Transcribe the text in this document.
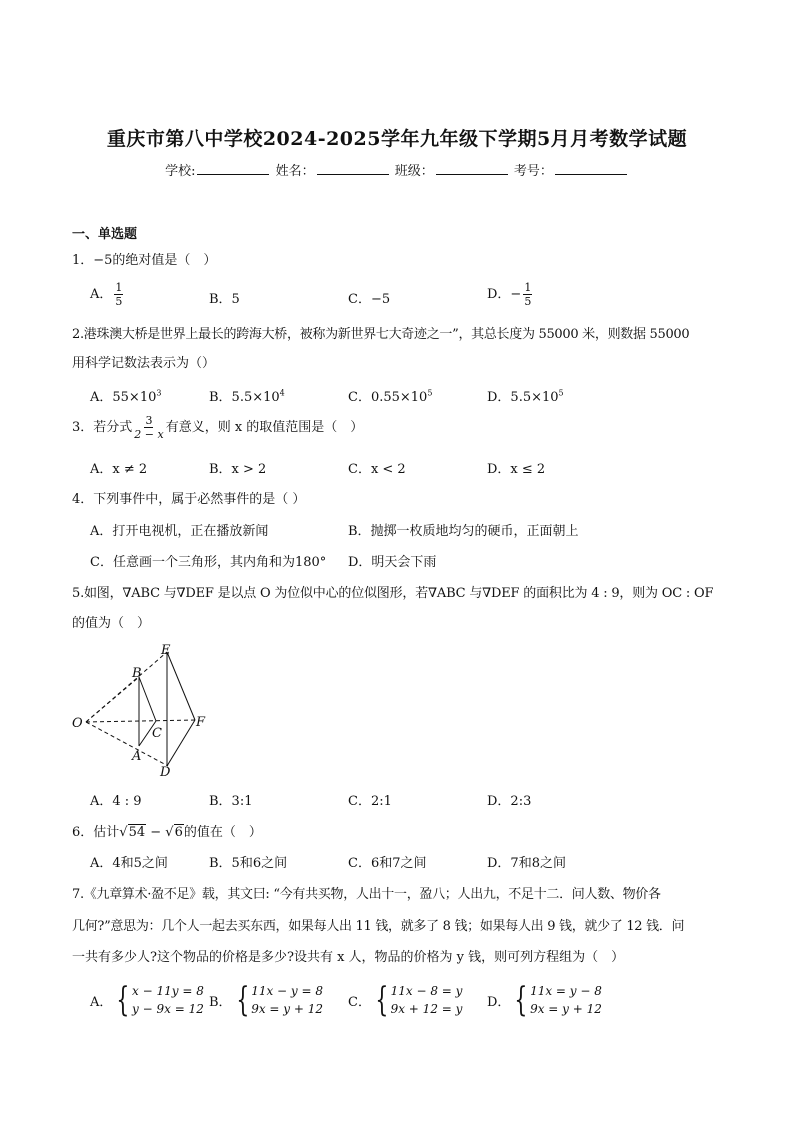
重庆市第八中学校2024-2025学年九年级下学期5月月考数学试题
学校:	姓名：	班级：	考号：
一、单选题
1．−5的绝对值是（　）
A． $\frac{1}{5}$	B．5	C．−5	D．− $\frac{1}{5}$
2.港珠澳大桥是世界上最长的跨海大桥，被称为新世界七大奇迹之一”，其总长度为 55000 米，则数据 55000
用科学记数法表示为（）
A．$55\times 10^3$	B．$5.5\times 10^4$	C．$0.55\times 10^5$	D．$5.5\times 10^5$
3．若分式 $\frac{3}{2 - x}$ 有意义，则 x 的取值范围是（　）
A．x ≠ 2	B．x > 2	C．x < 2	D．x ≤ 2
4．下列事件中，属于必然事件的是（ ）
A．打开电视机，正在播放新闻	B．抛掷一枚质地均匀的硬币，正面朝上
C．任意画一个三角形，其内角和为180° D．明天会下雨
5.如图，∇ABC 与∇DEF 是以点 O 为位似中心的位似图形，若∇ABC 与∇DEF 的面积比为 4 : 9，则为 OC : OF
的值为（　）
O
B
A
C
E
D
F
A．4 : 9	B．3:1	C．2:1	D．2:3
6．估计√54 − √6的值在（　）
A．4和5之间	B．5和6之间	C．6和7之间	D．7和8之间
7.《九章算术·盈不足》载，其文曰: “今有共买物，人出十一，盈八；人出九，不足十二．问人数、物价各
几何?”意思为：几个人一起去买东西，如果每人出 11 钱，就多了 8 钱；如果每人出 9 钱，就少了 12 钱．问
一共有多少人?这个物品的价格是多少?设共有 x 人，物品的价格为 y 钱，则可列方程组为（　）
A． { x − 11y = 8
y − 9x = 12 B． { 11x − y = 8
9x = y + 12 C． { 11x − 8 = y
9x + 12 = y D． { 11x = y − 8
9x = y + 12
